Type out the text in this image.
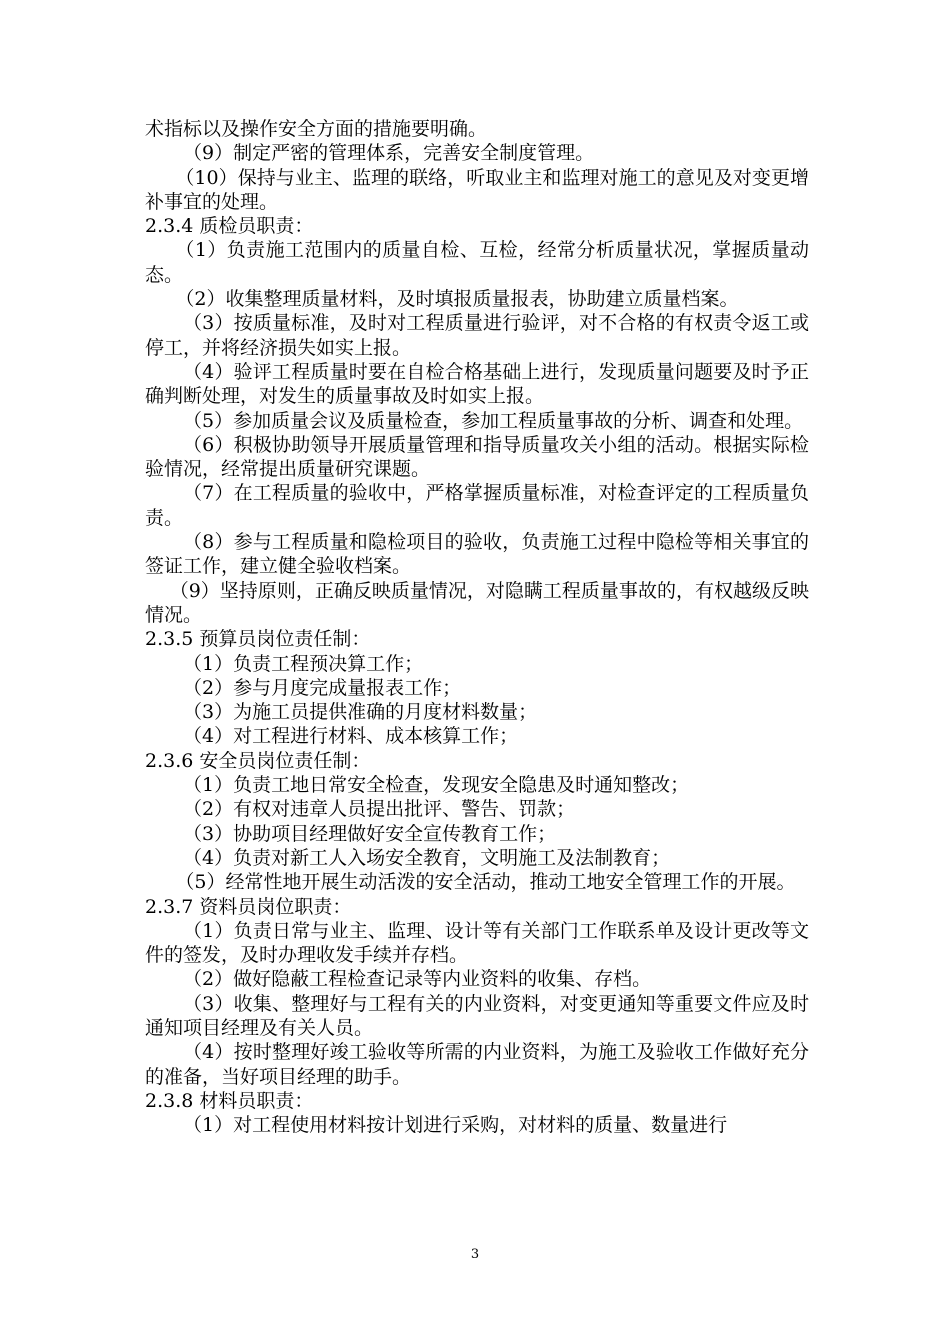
术指标以及操作安全方面的措施要明确。

（9）制定严密的管理体系，完善安全制度管理。

（10）保持与业主、监理的联络，听取业主和监理对施工的意见及对变更增补事宜的处理。

2.3.4 质检员职责：

（1）负责施工范围内的质量自检、互检，经常分析质量状况，掌握质量动态。

（2）收集整理质量材料，及时填报质量报表，协助建立质量档案。

（3）按质量标准，及时对工程质量进行验评，对不合格的有权责令返工或停工，并将经济损失如实上报。

（4）验评工程质量时要在自检合格基础上进行，发现质量问题要及时予正确判断处理，对发生的质量事故及时如实上报。

（5）参加质量会议及质量检查，参加工程质量事故的分析、调查和处理。

（6）积极协助领导开展质量管理和指导质量攻关小组的活动。根据实际检验情况，经常提出质量研究课题。

（7）在工程质量的验收中，严格掌握质量标准，对检查评定的工程质量负责。

（8）参与工程质量和隐检项目的验收，负责施工过程中隐检等相关事宜的签证工作，建立健全验收档案。

（9）坚持原则，正确反映质量情况，对隐瞒工程质量事故的，有权越级反映情况。

2.3.5 预算员岗位责任制：

（1）负责工程预决算工作；

（2）参与月度完成量报表工作；

（3）为施工员提供准确的月度材料数量；

（4）对工程进行材料、成本核算工作；

2.3.6 安全员岗位责任制：

（1）负责工地日常安全检查，发现安全隐患及时通知整改；

（2）有权对违章人员提出批评、警告、罚款；

（3）协助项目经理做好安全宣传教育工作；

（4）负责对新工人入场安全教育，文明施工及法制教育；

（5）经常性地开展生动活泼的安全活动，推动工地安全管理工作的开展。

2.3.7 资料员岗位职责：

（1）负责日常与业主、监理、设计等有关部门工作联系单及设计更改等文件的签发，及时办理收发手续并存档。

（2）做好隐蔽工程检查记录等内业资料的收集、存档。

（3）收集、整理好与工程有关的内业资料，对变更通知等重要文件应及时通知项目经理及有关人员。

（4）按时整理好竣工验收等所需的内业资料，为施工及验收工作做好充分的准备，当好项目经理的助手。

2.3.8 材料员职责：

（1）对工程使用材料按计划进行采购，对材料的质量、数量进行

3
